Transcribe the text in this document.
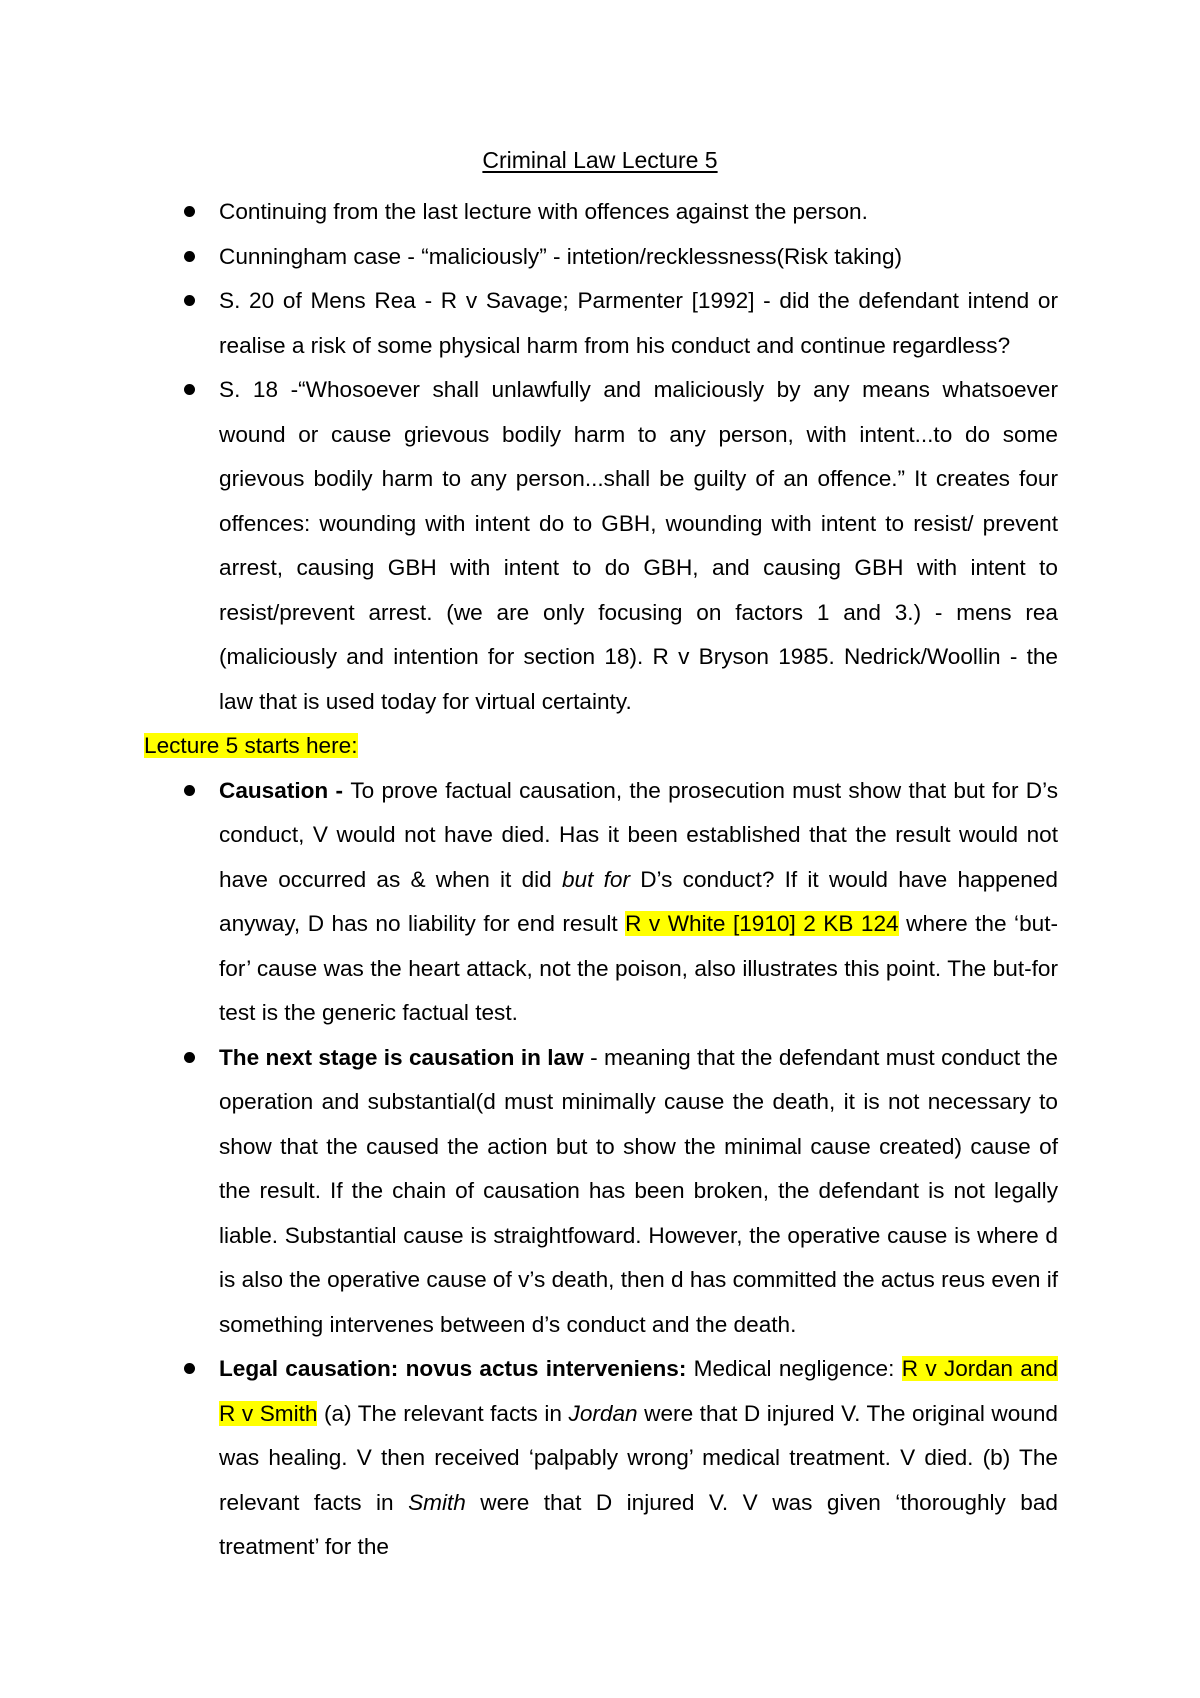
Criminal Law Lecture 5
Continuing from the last lecture with offences against the person.
Cunningham case - “maliciously” - intetion/recklessness(Risk taking)
S. 20 of Mens Rea - R v Savage; Parmenter [1992] - did the defendant intend or realise a risk of some physical harm from his conduct and continue regardless?
S. 18 -“Whosoever shall unlawfully and maliciously by any means whatsoever wound or cause grievous bodily harm to any person, with intent...to do some grievous bodily harm to any person...shall be guilty of an offence.” It creates four offences: wounding with intent do to GBH, wounding with intent to resist/ prevent arrest, causing GBH with intent to do GBH, and causing GBH with intent to resist/prevent arrest. (we are only focusing on factors 1 and 3.) - mens rea (maliciously and intention for section 18). R v Bryson 1985. Nedrick/Woollin - the law that is used today for virtual certainty.
Lecture 5 starts here:
Causation - To prove factual causation, the prosecution must show that but for D’s conduct, V would not have died. Has it been established that the result would not have occurred as & when it did but for D’s conduct? If it would have happened anyway, D has no liability for end result R v White [1910] 2 KB 124 where the ‘but-for’ cause was the heart attack, not the poison, also illustrates this point. The but-for test is the generic factual test.
The next stage is causation in law - meaning that the defendant must conduct the operation and substantial(d must minimally cause the death, it is not necessary to show that the caused the action but to show the minimal cause created) cause of the result. If the chain of causation has been broken, the defendant is not legally liable. Substantial cause is straightfoward. However, the operative cause is where d is also the operative cause of v’s death, then d has committed the actus reus even if something intervenes between d’s conduct and the death.
Legal causation: novus actus interveniens: Medical negligence: R v Jordan and R v Smith (a) The relevant facts in Jordan were that D injured V. The original wound was healing. V then received ‘palpably wrong’ medical treatment. V died. (b) The relevant facts in Smith were that D injured V. V was given ‘thoroughly bad treatment’ for the
